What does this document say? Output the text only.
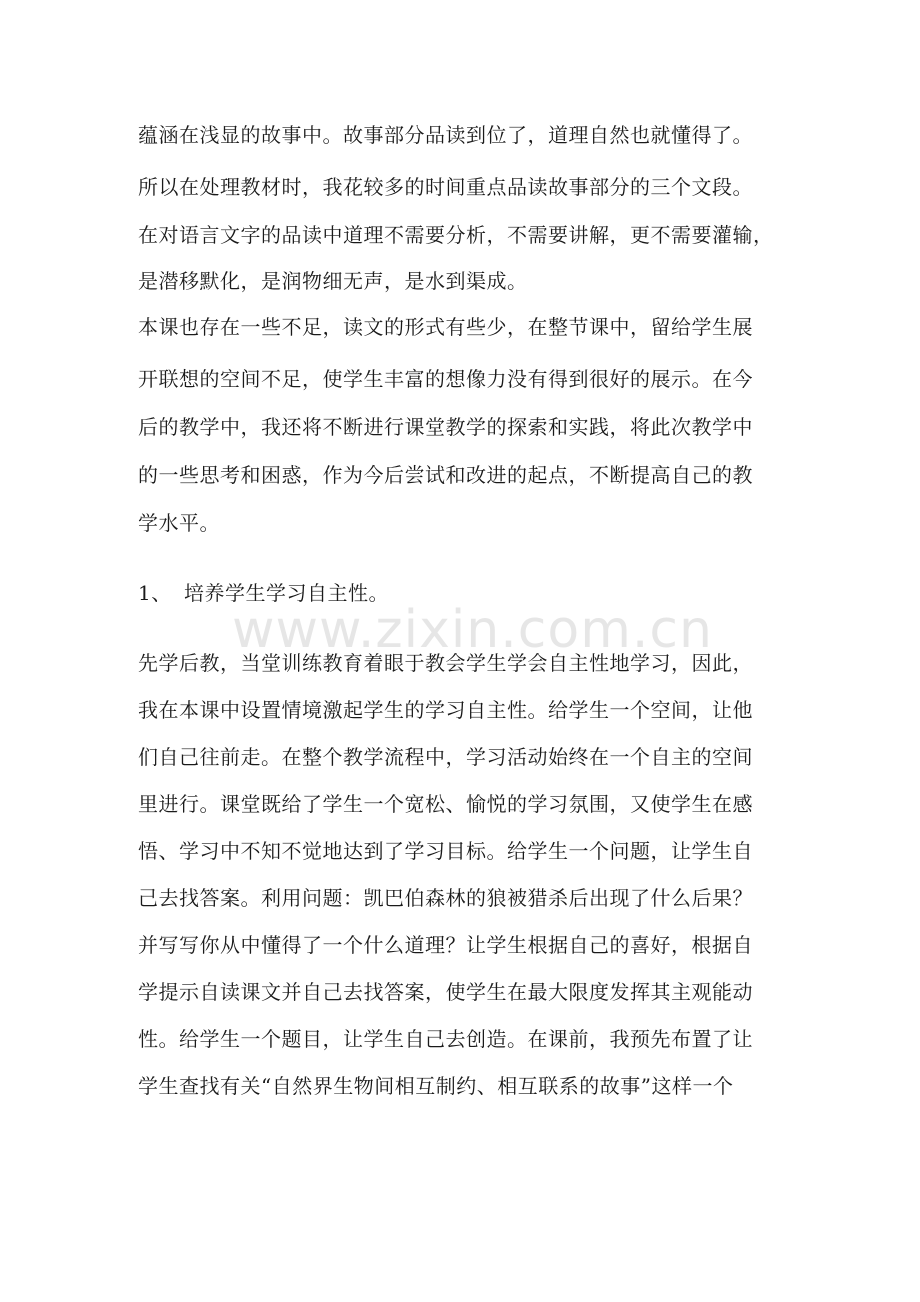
www.zixin.com.cn
蕴涵在浅显的故事中。故事部分品读到位了，道理自然也就懂得了。
所以在处理教材时，我花较多的时间重点品读故事部分的三个文段。
在对语言文字的品读中道理不需要分析，不需要讲解，更不需要灌输，
是潜移默化，是润物细无声，是水到渠成。
本课也存在一些不足，读文的形式有些少，在整节课中，留给学生展
开联想的空间不足，使学生丰富的想像力没有得到很好的展示。在今
后的教学中，我还将不断进行课堂教学的探索和实践，将此次教学中
的一些思考和困惑，作为今后尝试和改进的起点，不断提高自己的教
学水平。
1、 培养学生学习自主性。
先学后教，当堂训练教育着眼于教会学生学会自主性地学习，因此，
我在本课中设置情境激起学生的学习自主性。给学生一个空间，让他
们自己往前走。在整个教学流程中，学习活动始终在一个自主的空间
里进行。课堂既给了学生一个宽松、愉悦的学习氛围，又使学生在感
悟、学习中不知不觉地达到了学习目标。给学生一个问题，让学生自
己去找答案。利用问题：凯巴伯森林的狼被猎杀后出现了什么后果？
并写写你从中懂得了一个什么道理？让学生根据自己的喜好，根据自
学提示自读课文并自己去找答案，使学生在最大限度发挥其主观能动
性。给学生一个题目，让学生自己去创造。在课前，我预先布置了让
学生查找有关“自然界生物间相互制约、相互联系的故事”这样一个
